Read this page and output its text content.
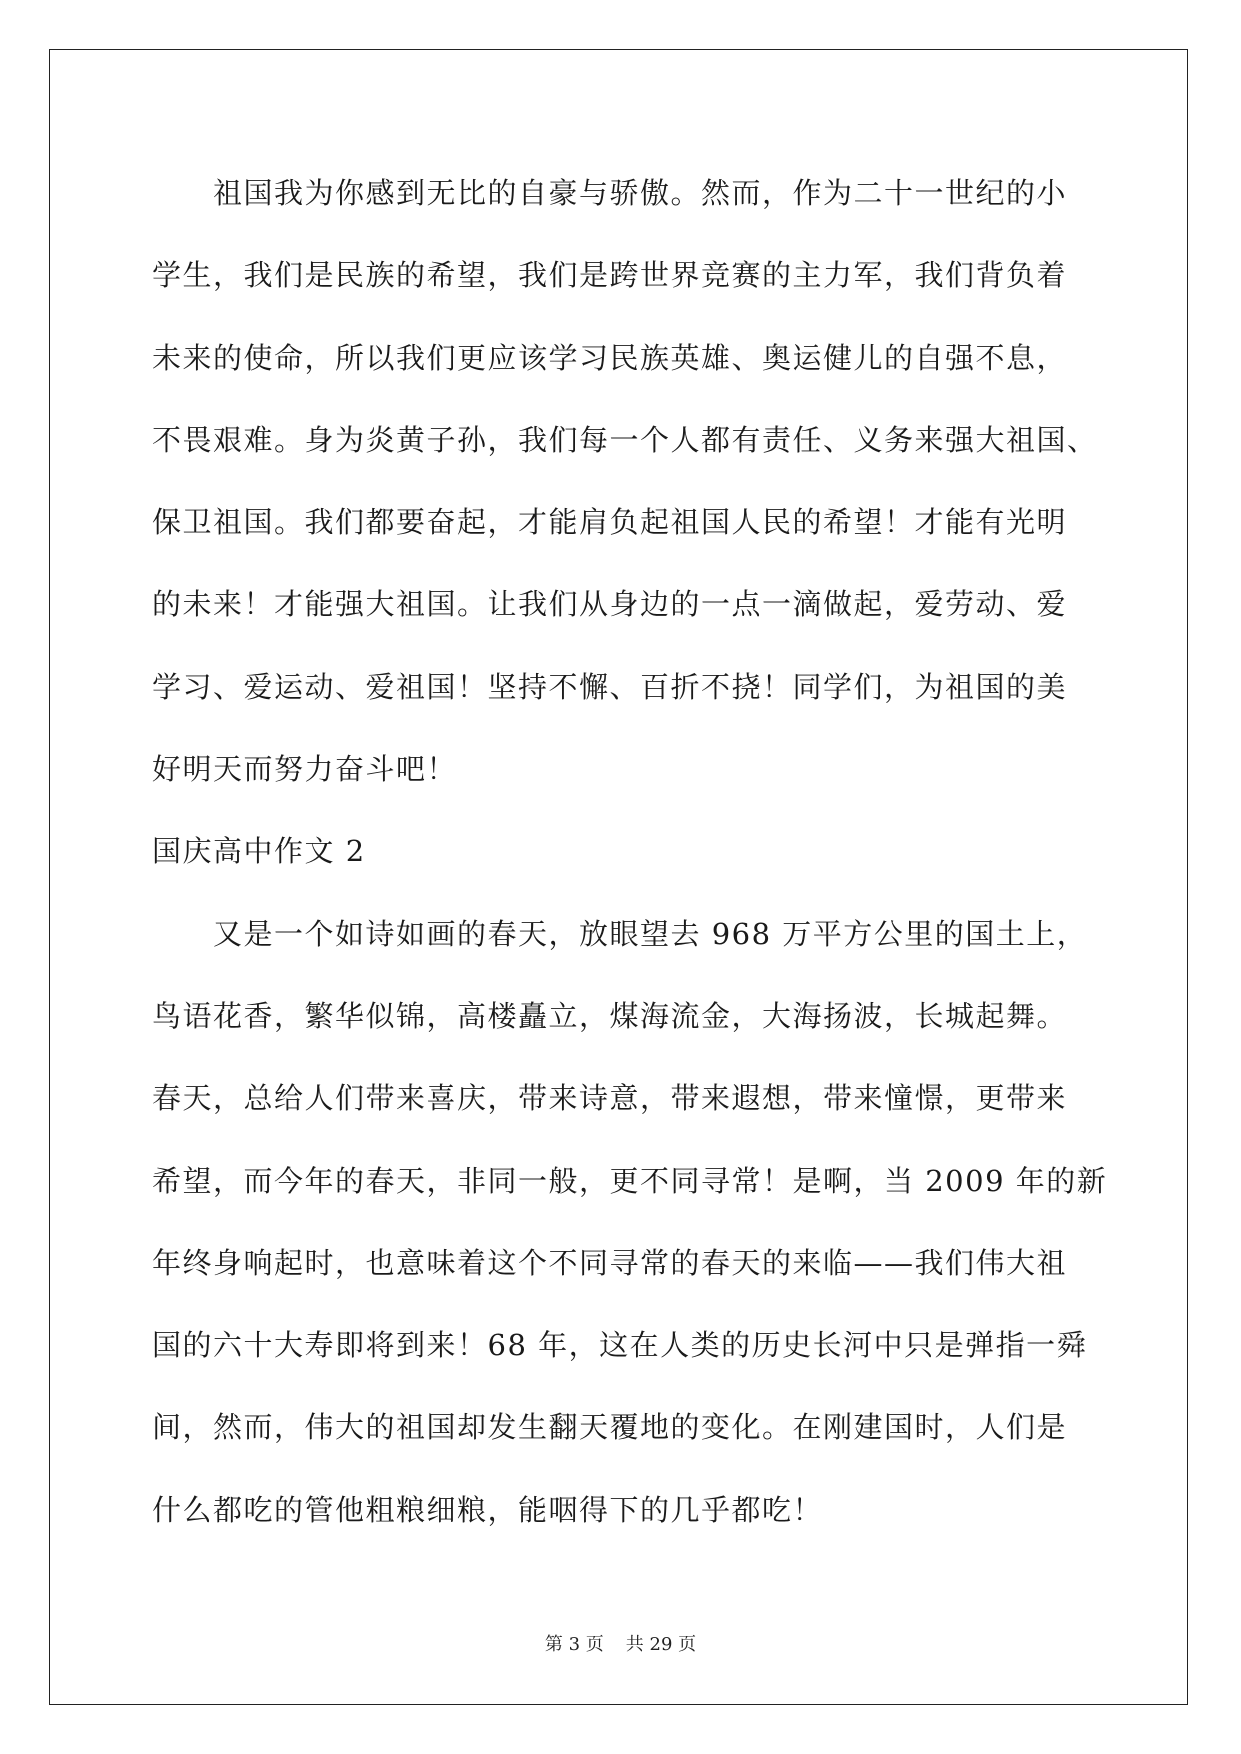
祖国我为你感到无比的自豪与骄傲。然而，作为二十一世纪的小
学生，我们是民族的希望，我们是跨世界竞赛的主力军，我们背负着
未来的使命，所以我们更应该学习民族英雄、奥运健儿的自强不息，
不畏艰难。身为炎黄子孙，我们每一个人都有责任、义务来强大祖国、
保卫祖国。我们都要奋起，才能肩负起祖国人民的希望！才能有光明
的未来！才能强大祖国。让我们从身边的一点一滴做起，爱劳动、爱
学习、爱运动、爱祖国！坚持不懈、百折不挠！同学们，为祖国的美
好明天而努力奋斗吧！
国庆高中作文 2
又是一个如诗如画的春天，放眼望去 968 万平方公里的国土上，
鸟语花香，繁华似锦，高楼矗立，煤海流金，大海扬波，长城起舞。
春天，总给人们带来喜庆，带来诗意，带来遐想，带来憧憬，更带来
希望，而今年的春天，非同一般，更不同寻常！是啊，当 2009 年的新
年终身响起时，也意味着这个不同寻常的春天的来临——我们伟大祖
国的六十大寿即将到来！68 年，这在人类的历史长河中只是弹指一舜
间，然而，伟大的祖国却发生翻天覆地的变化。在刚建国时，人们是
什么都吃的管他粗粮细粮，能咽得下的几乎都吃！
第 3 页 共 29 页
